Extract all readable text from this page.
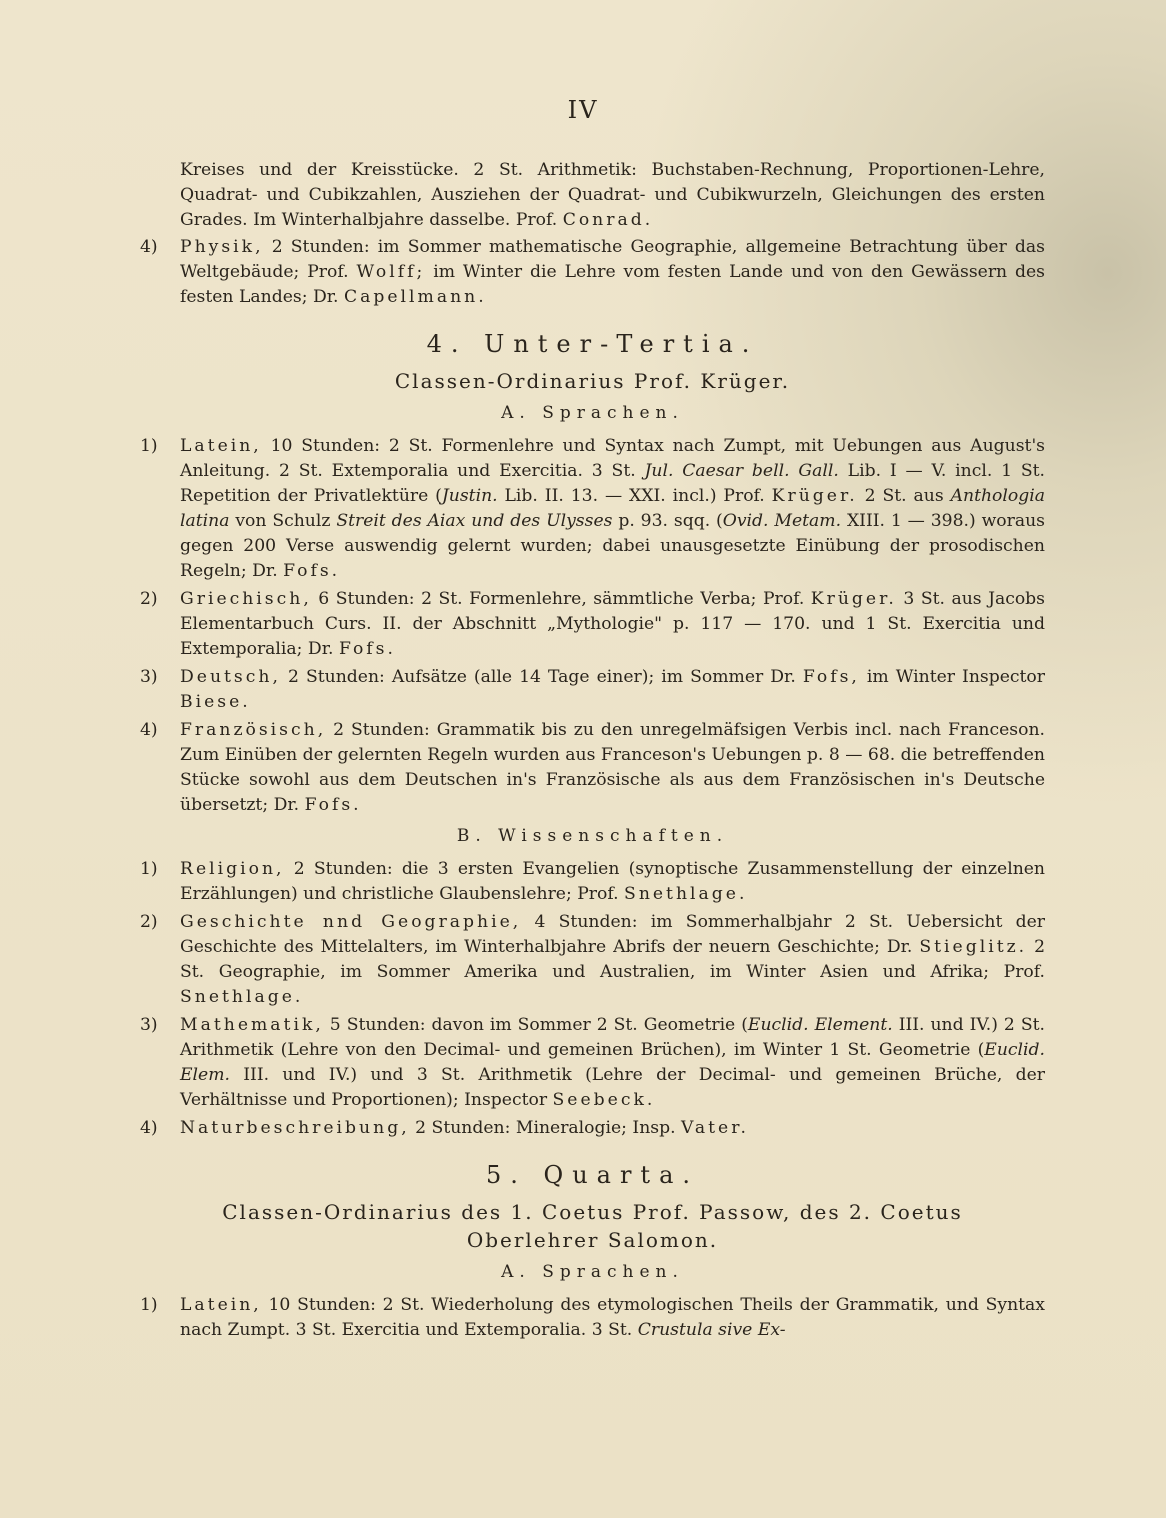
IV

Kreises und der Kreisstücke. 2 St. Arithmetik: Buchstaben-Rechnung, Proportionen-Lehre, Quadrat- und Cubikzahlen, Ausziehen der Quadrat- und Cubikwurzeln, Gleichungen des ersten Grades. Im Winterhalbjahre dasselbe. Prof. Conrad.

4) Physik, 2 Stunden: im Sommer mathematische Geographie, allgemeine Betrachtung über das Weltgebäude; Prof. Wolff; im Winter die Lehre vom festen Lande und von den Gewässern des festen Landes; Dr. Capellmann.
4. Unter-Tertia.
Classen-Ordinarius Prof. Krüger.
A. Sprachen.
1) Latein, 10 Stunden: 2 St. Formenlehre und Syntax nach Zumpt, mit Uebungen aus August's Anleitung. 2 St. Extemporalia und Exercitia. 3 St. Jul. Caesar bell. Gall. Lib. I — V. incl. 1 St. Repetition der Privatlektüre (Justin. Lib. II. 13. — XXI. incl.) Prof. Krüger. 2 St. aus Anthologia latina von Schulz Streit des Aiax und des Ulysses p. 93. sqq. (Ovid. Metam. XIII. 1 — 398.) woraus gegen 200 Verse auswendig gelernt wurden; dabei unausgesetzte Einübung der prosodischen Regeln; Dr. Fofs.
2) Griechisch, 6 Stunden: 2 St. Formenlehre, sämmtliche Verba; Prof. Krüger. 3 St. aus Jacobs Elementarbuch Curs. II. der Abschnitt „Mythologie" p. 117 — 170. und 1 St. Exercitia und Extemporalia; Dr. Fofs.
3) Deutsch, 2 Stunden: Aufsätze (alle 14 Tage einer); im Sommer Dr. Fofs, im Winter Inspector Biese.
4) Französisch, 2 Stunden: Grammatik bis zu den unregelmäfsigen Verbis incl. nach Franceson. Zum Einüben der gelernten Regeln wurden aus Franceson's Uebungen p. 8 — 68. die betreffenden Stücke sowohl aus dem Deutschen in's Französische als aus dem Französischen in's Deutsche übersetzt; Dr. Fofs.
B. Wissenschaften.
1) Religion, 2 Stunden: die 3 ersten Evangelien (synoptische Zusammenstellung der einzelnen Erzählungen) und christliche Glaubenslehre; Prof. Snethlage.
2) Geschichte nnd Geographie, 4 Stunden: im Sommerhalbjahr 2 St. Uebersicht der Geschichte des Mittelalters, im Winterhalbjahre Abrifs der neuern Geschichte; Dr. Stieglitz. 2 St. Geographie, im Sommer Amerika und Australien, im Winter Asien und Afrika; Prof. Snethlage.
3) Mathematik, 5 Stunden: davon im Sommer 2 St. Geometrie (Euclid. Element. III. und IV.) 2 St. Arithmetik (Lehre von den Decimal- und gemeinen Brüchen), im Winter 1 St. Geometrie (Euclid. Elem. III. und IV.) und 3 St. Arithmetik (Lehre der Decimal- und gemeinen Brüche, der Verhältnisse und Proportionen); Inspector Seebeck.
4) Naturbeschreibung, 2 Stunden: Mineralogie; Insp. Vater.
5. Quarta.
Classen-Ordinarius des 1. Coetus Prof. Passow, des 2. Coetus
Oberlehrer Salomon.
A. Sprachen.
1) Latein, 10 Stunden: 2 St. Wiederholung des etymologischen Theils der Grammatik, und Syntax nach Zumpt. 3 St. Exercitia und Extemporalia. 3 St. Crustula sive Ex-
